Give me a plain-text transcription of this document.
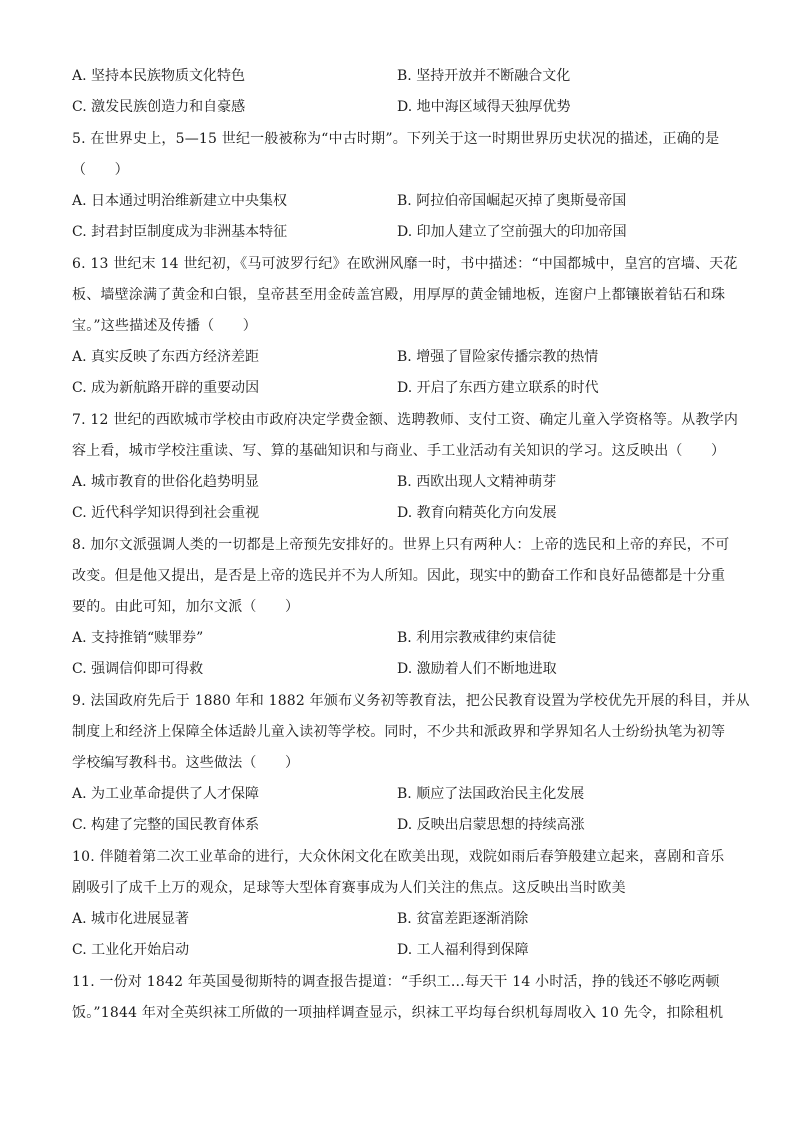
A. 坚持本民族物质文化特色	B. 坚持开放并不断融合文化
C. 激发民族创造力和自豪感	D. 地中海区域得天独厚优势
5. 在世界史上，5—15 世纪一般被称为“中古时期”。下列关于这一时期世界历史状况的描述，正确的是
（　　）
A. 日本通过明治维新建立中央集权	B. 阿拉伯帝国崛起灭掉了奥斯曼帝国
C. 封君封臣制度成为非洲基本特征	D. 印加人建立了空前强大的印加帝国
6. 13 世纪末 14 世纪初，《马可波罗行纪》在欧洲风靡一时，书中描述：“中国都城中，皇宫的宫墙、天花
板、墙壁涂满了黄金和白银，皇帝甚至用金砖盖宫殿，用厚厚的黄金铺地板，连窗户上都镶嵌着钻石和珠
宝。”这些描述及传播（　　）
A. 真实反映了东西方经济差距	B. 增强了冒险家传播宗教的热情
C. 成为新航路开辟的重要动因	D. 开启了东西方建立联系的时代
7. 12 世纪的西欧城市学校由市政府决定学费金额、选聘教师、支付工资、确定儿童入学资格等。从教学内
容上看，城市学校注重读、写、算的基础知识和与商业、手工业活动有关知识的学习。这反映出（　　）
A. 城市教育的世俗化趋势明显	B. 西欧出现人文精神萌芽
C. 近代科学知识得到社会重视	D. 教育向精英化方向发展
8. 加尔文派强调人类的一切都是上帝预先安排好的。世界上只有两种人：上帝的选民和上帝的弃民，不可
改变。但是他又提出，是否是上帝的选民并不为人所知。因此，现实中的勤奋工作和良好品德都是十分重
要的。由此可知，加尔文派（　　）
A. 支持推销“赎罪券”	B. 利用宗教戒律约束信徒
C. 强调信仰即可得救	D. 激励着人们不断地进取
9. 法国政府先后于 1880 年和 1882 年颁布义务初等教育法，把公民教育设置为学校优先开展的科目，并从
制度上和经济上保障全体适龄儿童入读初等学校。同时，不少共和派政界和学界知名人士纷纷执笔为初等
学校编写教科书。这些做法（　　）
A. 为工业革命提供了人才保障	B. 顺应了法国政治民主化发展
C. 构建了完整的国民教育体系	D. 反映出启蒙思想的持续高涨
10. 伴随着第二次工业革命的进行，大众休闲文化在欧美出现，戏院如雨后春笋般建立起来，喜剧和音乐
剧吸引了成千上万的观众，足球等大型体育赛事成为人们关注的焦点。这反映出当时欧美
A. 城市化进展显著	B. 贫富差距逐渐消除
C. 工业化开始启动	D. 工人福利得到保障
11. 一份对 1842 年英国曼彻斯特的调查报告提道：“手织工…每天干 14 小时活，挣的钱还不够吃两顿
饭。”1844 年对全英织袜工所做的一项抽样调查显示，织袜工平均每台织机每周收入 10 先令，扣除租机
